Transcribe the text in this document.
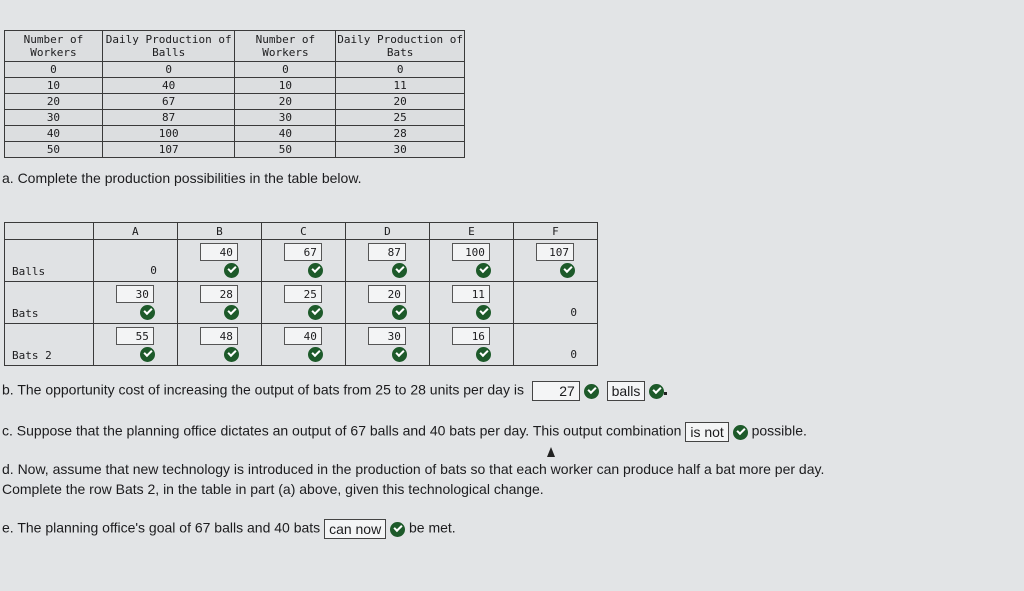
Number of Workers	Daily Production of Balls	Number of Workers	Daily Production of Bats
0	0	0	0
10	40	10	11
20	67	20	20
30	87	30	25
40	100	40	28
50	107	50	30
a. Complete the production possibilities in the table below.
	A	B	C	D	E	F

Balls	0	40	67	87	100	107

Bats	30	28	25	20	11	0

Bats 2	55	48	40	30	16	0
b. The opportunity cost of increasing the output of bats from 25 to 28 units per day is	27	balls
c. Suppose that the planning office dictates an output of 67 balls and 40 bats per day. This output combination is not possible.
d. Now, assume that new technology is introduced in the production of bats so that each worker can produce half a bat more per day.
Complete the row Bats 2, in the table in part (a) above, given this technological change.
e. The planning office's goal of 67 balls and 40 bats can now be met.
